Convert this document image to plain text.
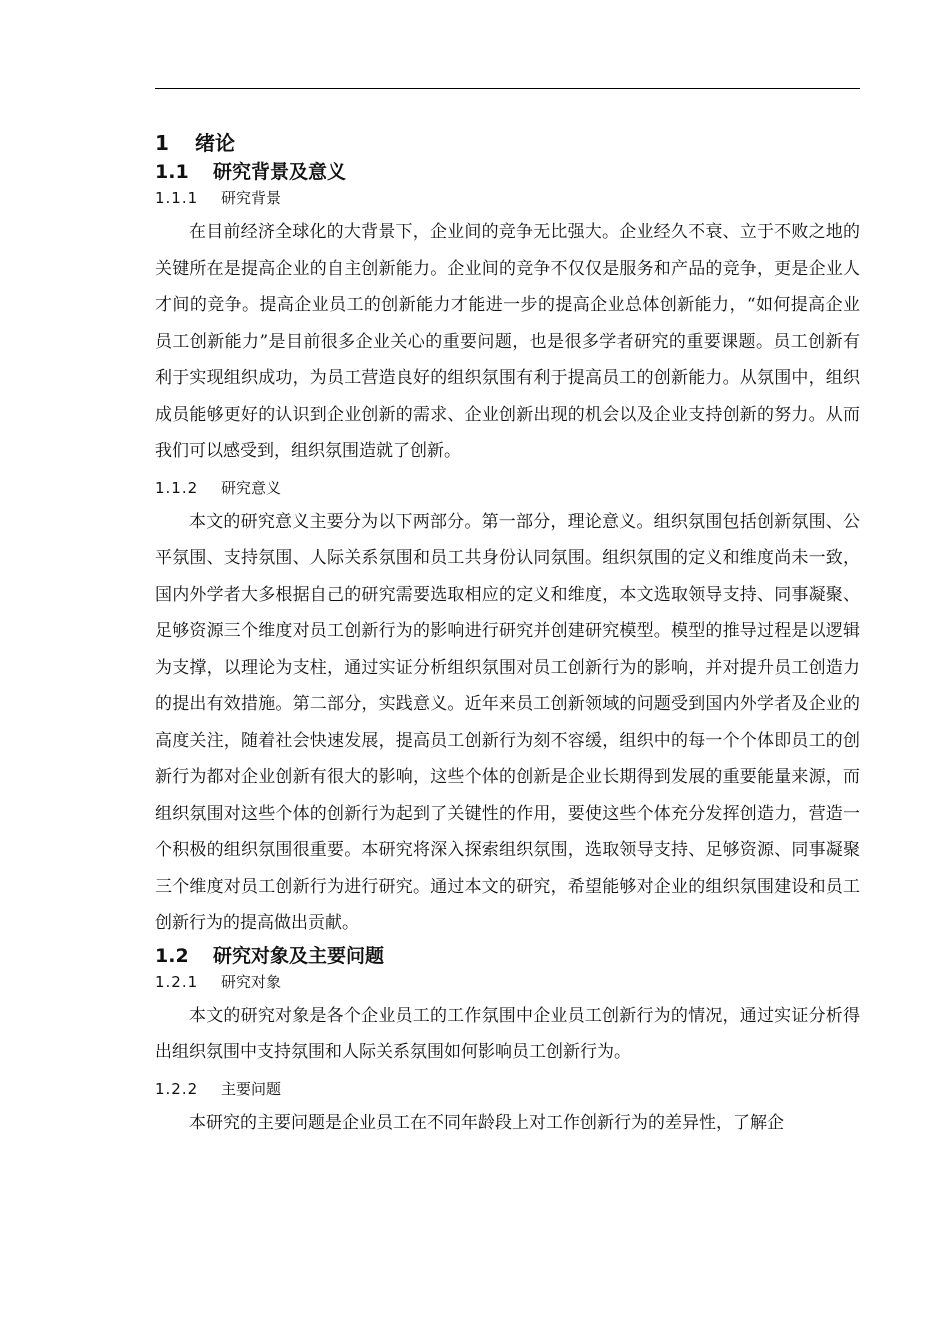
1 绪论
1.1 研究背景及意义
1.1.1 研究背景

在目前经济全球化的大背景下，企业间的竞争无比强大。企业经久不衰、立于不败之地的关键所在是提高企业的自主创新能力。企业间的竞争不仅仅是服务和产品的竞争，更是企业人才间的竞争。提高企业员工的创新能力才能进一步的提高企业总体创新能力，“如何提高企业员工创新能力”是目前很多企业关心的重要问题，也是很多学者研究的重要课题。员工创新有利于实现组织成功，为员工营造良好的组织氛围有利于提高员工的创新能力。从氛围中，组织成员能够更好的认识到企业创新的需求、企业创新出现的机会以及企业支持创新的努力。从而我们可以感受到，组织氛围造就了创新。

1.1.2 研究意义

本文的研究意义主要分为以下两部分。第一部分，理论意义。组织氛围包括创新氛围、公平氛围、支持氛围、人际关系氛围和员工共身份认同氛围。组织氛围的定义和维度尚未一致，国内外学者大多根据自己的研究需要选取相应的定义和维度，本文选取领导支持、同事凝聚、足够资源三个维度对员工创新行为的影响进行研究并创建研究模型。模型的推导过程是以逻辑为支撑，以理论为支柱，通过实证分析组织氛围对员工创新行为的影响，并对提升员工创造力的提出有效措施。第二部分，实践意义。近年来员工创新领域的问题受到国内外学者及企业的高度关注，随着社会快速发展，提高员工创新行为刻不容缓，组织中的每一个个体即员工的创新行为都对企业创新有很大的影响，这些个体的创新是企业长期得到发展的重要能量来源，而组织氛围对这些个体的创新行为起到了关键性的作用，要使这些个体充分发挥创造力，营造一个积极的组织氛围很重要。本研究将深入探索组织氛围，选取领导支持、足够资源、同事凝聚三个维度对员工创新行为进行研究。通过本文的研究，希望能够对企业的组织氛围建设和员工创新行为的提高做出贡献。

1.2 研究对象及主要问题
1.2.1 研究对象

本文的研究对象是各个企业员工的工作氛围中企业员工创新行为的情况，通过实证分析得出组织氛围中支持氛围和人际关系氛围如何影响员工创新行为。

1.2.2 主要问题

本研究的主要问题是企业员工在不同年龄段上对工作创新行为的差异性，了解企
